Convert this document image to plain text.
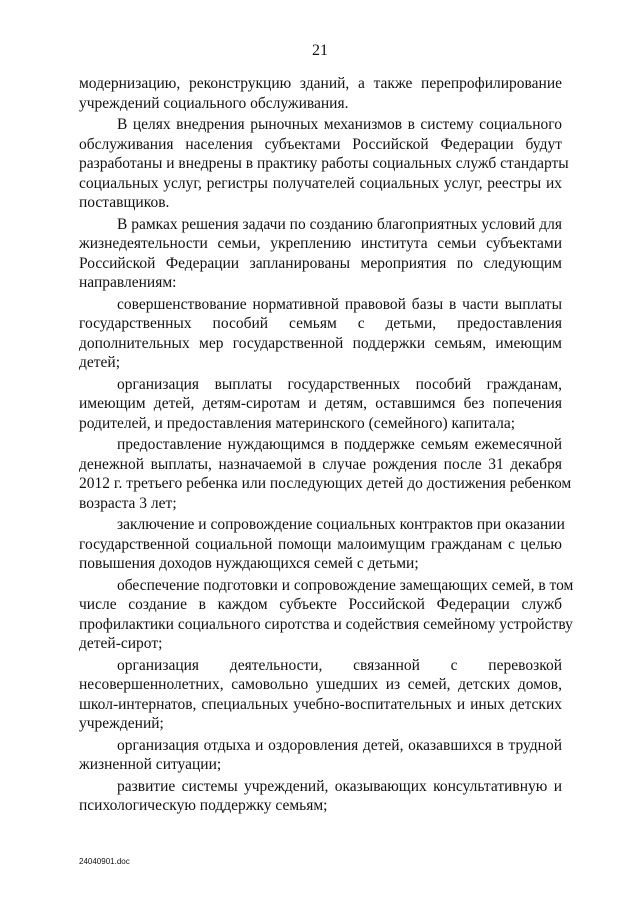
21
модернизацию, реконструкцию зданий, а также перепрофилирование
учреждений социального обслуживания.
В целях внедрения рыночных механизмов в систему социального
обслуживания населения субъектами Российской Федерации будут
разработаны и внедрены в практику работы социальных служб стандарты
социальных услуг, регистры получателей социальных услуг, реестры их
поставщиков.
В рамках решения задачи по созданию благоприятных условий для
жизнедеятельности семьи, укреплению института семьи субъектами
Российской Федерации запланированы мероприятия по следующим
направлениям:
совершенствование нормативной правовой базы в части выплаты
государственных пособий семьям с детьми, предоставления
дополнительных мер государственной поддержки семьям, имеющим
детей;
организация выплаты государственных пособий гражданам,
имеющим детей, детям-сиротам и детям, оставшимся без попечения
родителей, и предоставления материнского (семейного) капитала;
предоставление нуждающимся в поддержке семьям ежемесячной
денежной выплаты, назначаемой в случае рождения после 31 декабря
2012 г. третьего ребенка или последующих детей до достижения ребенком
возраста 3 лет;
заключение и сопровождение социальных контрактов при оказании
государственной социальной помощи малоимущим гражданам с целью
повышения доходов нуждающихся семей с детьми;
обеспечение подготовки и сопровождение замещающих семей, в том
числе создание в каждом субъекте Российской Федерации служб
профилактики социального сиротства и содействия семейному устройству
детей-сирот;
организация деятельности, связанной с перевозкой
несовершеннолетних, самовольно ушедших из семей, детских домов,
школ-интернатов, специальных учебно-воспитательных и иных детских
учреждений;
организация отдыха и оздоровления детей, оказавшихся в трудной
жизненной ситуации;
развитие системы учреждений, оказывающих консультативную и
психологическую поддержку семьям;
24040901.doc
